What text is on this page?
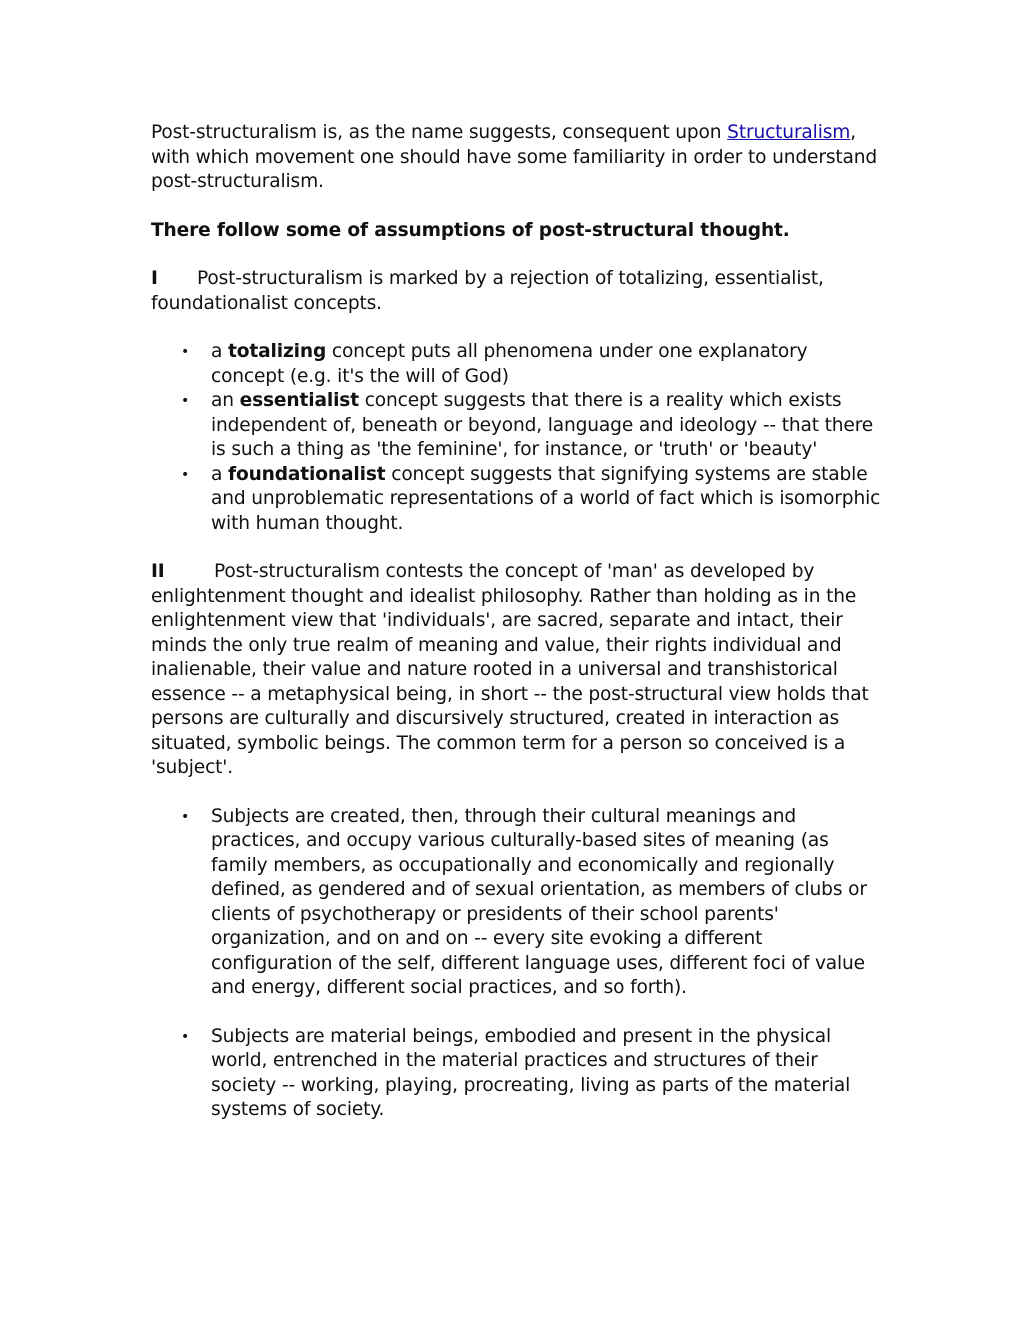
Post-structuralism is, as the name suggests, consequent upon Structuralism, with which movement one should have some familiarity in order to understand post-structuralism.

There follow some of assumptions of post-structural thought.

I Post-structuralism is marked by a rejection of totalizing, essentialist, foundationalist concepts.

• a totalizing concept puts all phenomena under one explanatory concept (e.g. it's the will of God)
• an essentialist concept suggests that there is a reality which exists independent of, beneath or beyond, language and ideology -- that there is such a thing as 'the feminine', for instance, or 'truth' or 'beauty'
• a foundationalist concept suggests that signifying systems are stable and unproblematic representations of a world of fact which is isomorphic with human thought.

II	Post-structuralism contests the concept of 'man' as developed by enlightenment thought and idealist philosophy. Rather than holding as in the enlightenment view that 'individuals', are sacred, separate and intact, their minds the only true realm of meaning and value, their rights individual and inalienable, their value and nature rooted in a universal and transhistorical essence -- a metaphysical being, in short -- the post-structural view holds that persons are culturally and discursively structured, created in interaction as situated, symbolic beings. The common term for a person so conceived is a 'subject'.

• Subjects are created, then, through their cultural meanings and practices, and occupy various culturally-based sites of meaning (as family members, as occupationally and economically and regionally defined, as gendered and of sexual orientation, as members of clubs or clients of psychotherapy or presidents of their school parents' organization, and on and on -- every site evoking a different configuration of the self, different language uses, different foci of value and energy, different social practices, and so forth).
• Subjects are material beings, embodied and present in the physical world, entrenched in the material practices and structures of their society -- working, playing, procreating, living as parts of the material systems of society.
